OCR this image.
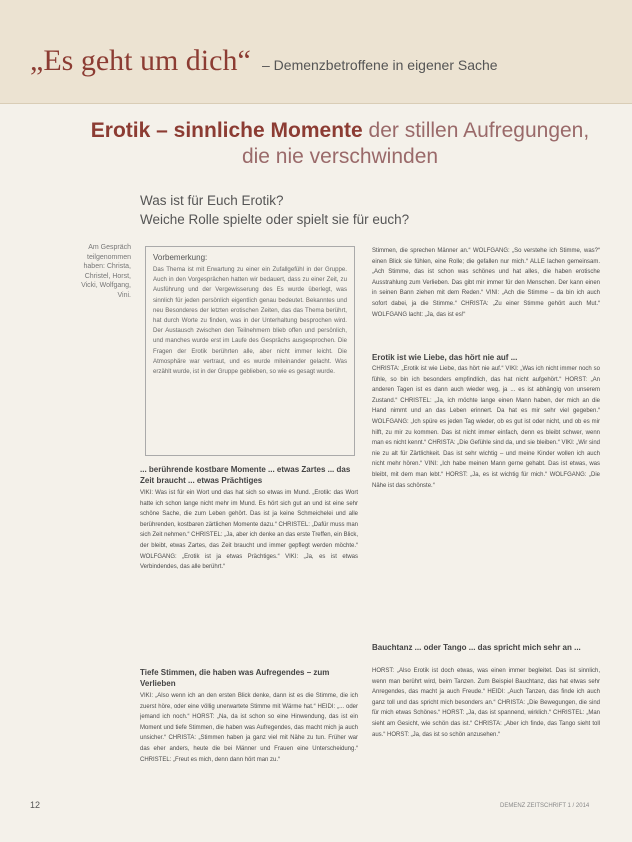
„Es geht um dich“ – Demenzbetroffene in eigener Sache
Erotik – sinnliche Momente der stillen Aufregungen,
die nie verschwinden
Was ist für Euch Erotik?
Weiche Rolle spielte oder spielt sie für euch?
Am Gespräch teilgenommen haben: Christa, Christel, Horst, Vicki, Wolfgang, Vini.
Vorbemerkung:
Das Thema ist mit Erwartung zu einer ein Zufallgefühl in der Gruppe. Auch in den Vorgesprächen hatten wir bedauert, dass zu einer Zeit, zu Ausführung und der Vergewisserung des Es wurde überlegt, was sinnlich für jeden persönlich eigentlich genau bedeutet. Bekanntes und neu Besonderes der letzten erotischen Zeiten, das das Thema berührt, hat durch Worte zu finden, was in der Unterhaltung besprochen wird. Der Austausch zwischen den Teilnehmern blieb offen und persönlich, und manches wurde erst im Laufe des Gesprächs ausgesprochen. Die Fragen der Erotik berührten alle, aber nicht immer leicht. Die Atmosphäre war vertraut, und es wurde miteinander gelacht. Was erzählt wurde, ist in der Gruppe geblieben, so wie es gesagt wurde.
... berührende kostbare Momente ... etwas Zartes ... das Zeit braucht ... etwas Prächtiges
VIKI: Was ist für ein Wort und das hat sich so etwas im Mund. „Erotik: das Wort hatte ich schon lange nicht mehr im Mund. Es hört sich gut an und ist eine sehr schöne Sache, die zum Leben gehört. Das ist ja keine Schmeichelei und alle berührenden, kostbaren zärtlichen Momente dazu.“ CHRISTEL: „Dafür muss man sich Zeit nehmen.“ CHRISTEL: „Ja, aber ich denke an das erste Treffen, ein Blick, der bleibt, etwas Zartes, das Zeit braucht und immer gepflegt werden möchte.“ WOLFGANG: „Erotik ist ja etwas Prächtiges.“ VIKI: „Ja, es ist etwas Verbindendes, das alle berührt.“
Tiefe Stimmen, die haben was Aufregendes – zum Verlieben
VIKI: „Also wenn ich an den ersten Blick denke, dann ist es die Stimme, die ich zuerst höre, oder eine völlig unerwartete Stimme mit Wärme hat.“ HEIDI: „... oder jemand ich noch.“ HORST: „Na, da ist schon so eine Hinwendung, das ist ein Moment und tiefe Stimmen, die haben was Aufregendes, das macht mich ja auch unsicher.“ CHRISTA: „Stimmen haben ja ganz viel mit Nähe zu tun. Früher war das eher anders, heute die bei Männer und Frauen eine Unterscheidung.“ CHRISTEL: „Freut es mich, denn dann hört man zu.“
Stimmen, die sprechen Männer an.“ WOLFGANG: „So verstehe ich Stimme, was?“ einen Blick sie fühlen, eine Rolle; die gefallen nur mich.“ ALLE lachen gemeinsam. „Ach Stimme, das ist schon was schönes und hat alles, die haben erotische Ausstrahlung zum Verlieben. Das gibt mir immer für den Menschen. Der kann einen in seinen Bann ziehen mit dem Reden.“ VINI: „Ach die Stimme – da bin ich auch sofort dabei, ja die Stimme.“ CHRISTA: „Zu einer Stimme gehört auch Mut.“ WOLFGANG lacht: „Ja, das ist es!“
Erotik ist wie Liebe, das hört nie auf ...
CHRISTA: „Erotik ist wie Liebe, das hört nie auf.“ VIKI: „Was ich nicht immer noch so fühle, so bin ich besonders empfindlich, das hat nicht aufgehört.“ HORST: „An anderen Tagen ist es dann auch wieder weg, ja ... es ist abhängig von unserem Zustand.“ CHRISTEL: „Ja, ich möchte lange einen Mann haben, der mich an die Hand nimmt und an das Leben erinnert. Da hat es mir sehr viel gegeben.“ WOLFGANG: „Ich spüre es jeden Tag wieder, ob es gut ist oder nicht, und ob es mir hilft, zu mir zu kommen. Das ist nicht immer einfach, denn es bleibt schwer, wenn man es nicht kennt.“ CHRISTA: „Die Gefühle sind da, und sie bleiben.“ VIKI: „Wir sind nie zu alt für Zärtlichkeit. Das ist sehr wichtig – und meine Kinder wollen ich auch nicht mehr hören.“ VINI: „Ich habe meinen Mann gerne gehabt. Das ist etwas, was bleibt, mit dem man lebt.“ HORST: „Ja, es ist wichtig für mich.“ WOLFGANG: „Die Nähe ist das schönste.“
Bauchtanz ... oder Tango ... das spricht mich sehr an ...
HORST: „Also Erotik ist doch etwas, was einen immer begleitet. Das ist sinnlich, wenn man berührt wird, beim Tanzen. Zum Beispiel Bauchtanz, das hat etwas sehr Anregendes, das macht ja auch Freude.“ HEIDI: „Auch Tanzen, das finde ich auch ganz toll und das spricht mich besonders an.“ CHRISTA: „Die Bewegungen, die sind für mich etwas Schönes.“ HORST: „Ja, das ist spannend, wirklich.“ CHRISTEL: „Man sieht am Gesicht, wie schön das ist.“ CHRISTA: „Aber ich finde, das Tango sieht toll aus.“ HORST: „Ja, das ist so schön anzusehen.“
12	DEMENZ ZEITSCHRIFT 1 / 2014
